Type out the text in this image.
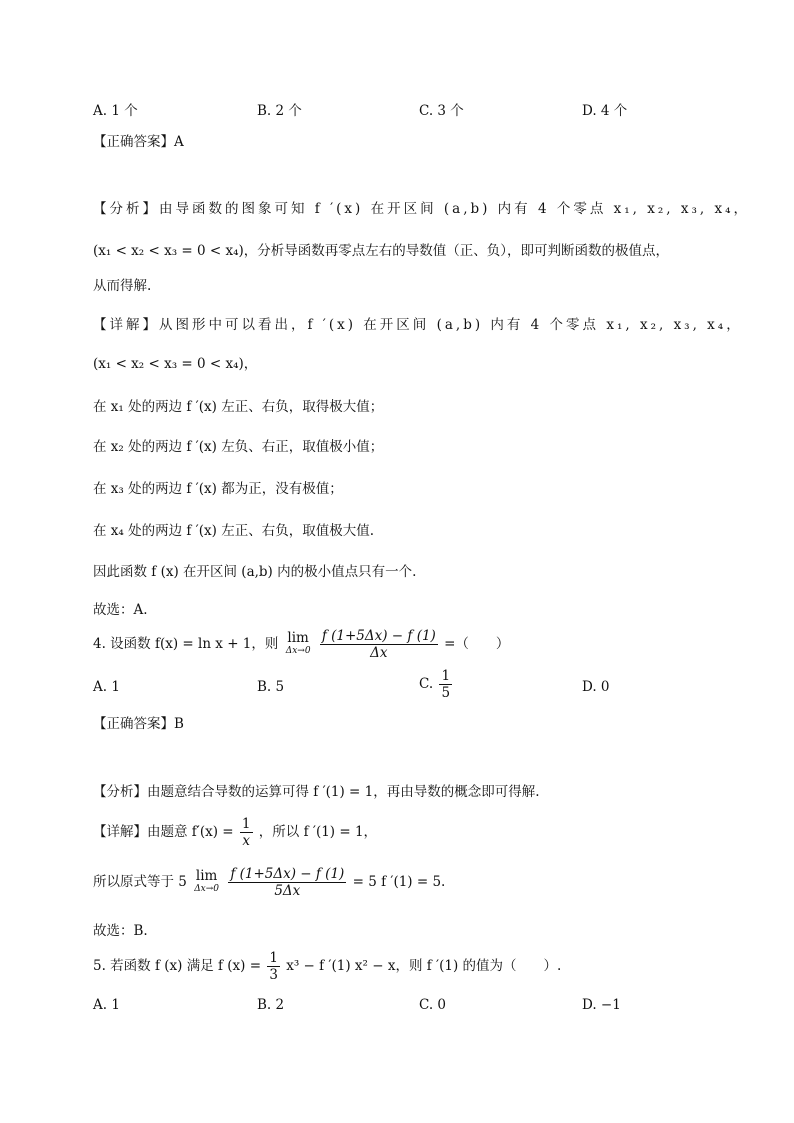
A. 1 个	B. 2 个	C. 3 个	D. 4 个
【正确答案】A
【分析】由导函数的图象可知 f ′(x) 在开区间 (a,b) 内有 4 个零点 x₁, x₂, x₃, x₄，
(x₁ < x₂ < x₃ = 0 < x₄)，分析导函数再零点左右的导数值（正、负），即可判断函数的极值点，
从而得解.
【详解】从图形中可以看出，f ′(x) 在开区间 (a,b) 内有 4 个零点 x₁, x₂, x₃, x₄，
(x₁ < x₂ < x₃ = 0 < x₄)，
在 x₁ 处的两边 f ′(x) 左正、右负，取得极大值；
在 x₂ 处的两边 f ′(x) 左负、右正，取值极小值；
在 x₃ 处的两边 f ′(x) 都为正，没有极值；
在 x₄ 处的两边 f ′(x) 左正、右负，取值极大值.
因此函数 f (x) 在开区间 (a,b) 内的极小值点只有一个.
故选：A.
4. 设函数 f(x) = ln x + 1，则 lim
Δx→0
$\frac{f (1+5\Delta x) - f (1)}{\Delta x}$ =（　　）
A. 1	B. 5	C. $\frac{1}{5}$	D. 0
【正确答案】B
【分析】由题意结合导数的运算可得 f ′(1) = 1，再由导数的概念即可得解.
【详解】由题意 $f'(x) = \frac{1}{x}$ ，所以 f ′(1) = 1，
所以原式等于 5 lim
Δx→0
$\frac{f (1+5\Delta x) - f (1)}{5\Delta x} = 5$ f ′(1) = 5.
故选：B.
5. 若函数 f (x) 满足 f $(x) = \frac{1}{3} x^3 - f$ ′(1) x² − x，则 f ′(1) 的值为（　　）.
A. 1	B. 2	C. 0	D. −1
